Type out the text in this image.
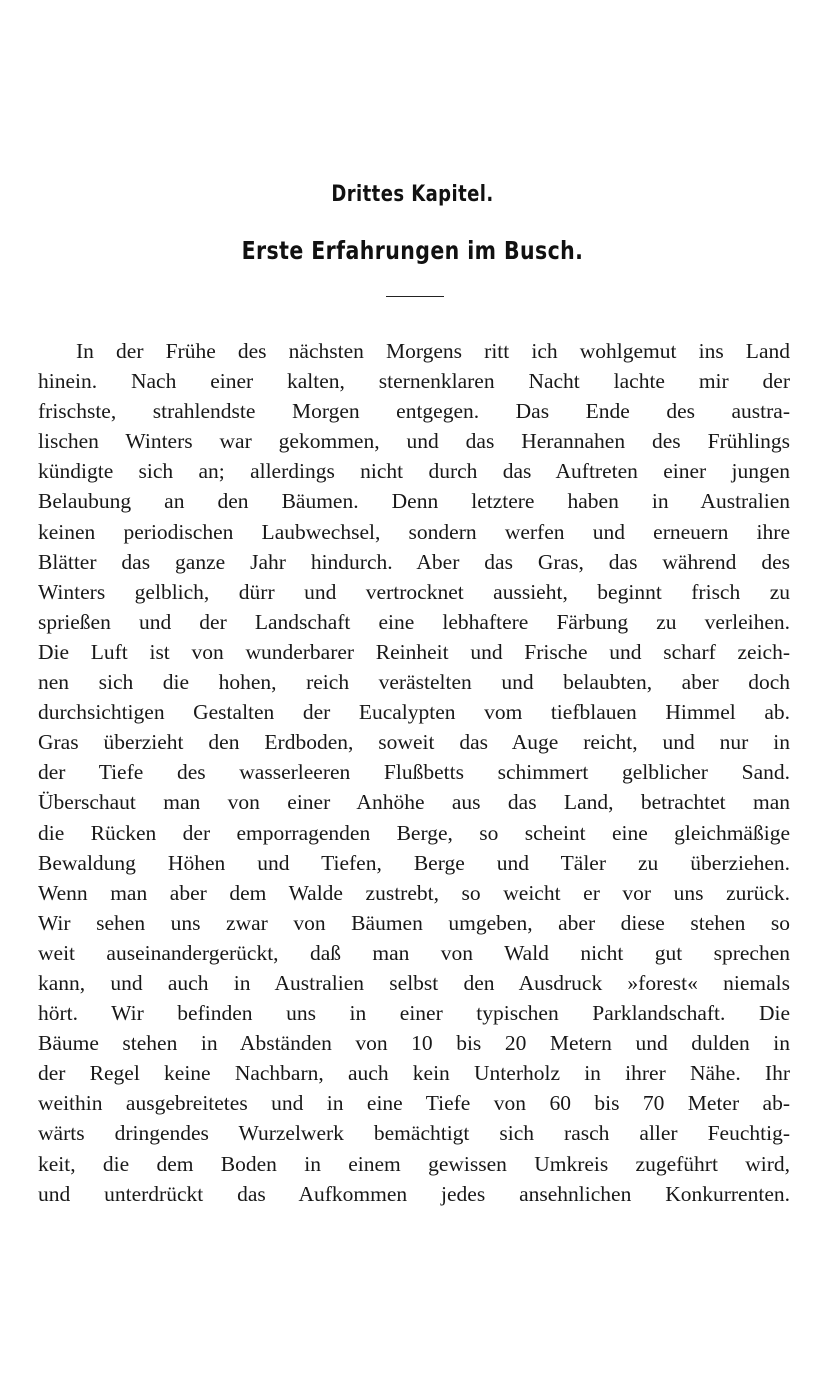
Drittes Kapitel.
Erste Erfahrungen im Busch.
In der Frühe des nächsten Morgens ritt ich wohlgemut ins Land
hinein. Nach einer kalten, sternenklaren Nacht lachte mir der
frischste, strahlendste Morgen entgegen. Das Ende des austra-
lischen Winters war gekommen, und das Herannahen des Frühlings
kündigte sich an; allerdings nicht durch das Auftreten einer jungen
Belaubung an den Bäumen. Denn letztere haben in Australien
keinen periodischen Laubwechsel, sondern werfen und erneuern ihre
Blätter das ganze Jahr hindurch. Aber das Gras, das während des
Winters gelblich, dürr und vertrocknet aussieht, beginnt frisch zu
sprießen und der Landschaft eine lebhaftere Färbung zu verleihen.
Die Luft ist von wunderbarer Reinheit und Frische und scharf zeich-
nen sich die hohen, reich verästelten und belaubten, aber doch
durchsichtigen Gestalten der Eucalypten vom tiefblauen Himmel ab.
Gras überzieht den Erdboden, soweit das Auge reicht, und nur in
der Tiefe des wasserleeren Flußbetts schimmert gelblicher Sand.
Überschaut man von einer Anhöhe aus das Land, betrachtet man
die Rücken der emporragenden Berge, so scheint eine gleichmäßige
Bewaldung Höhen und Tiefen, Berge und Täler zu überziehen.
Wenn man aber dem Walde zustrebt, so weicht er vor uns zurück.
Wir sehen uns zwar von Bäumen umgeben, aber diese stehen so
weit auseinandergerückt, daß man von Wald nicht gut sprechen
kann, und auch in Australien selbst den Ausdruck »forest« niemals
hört. Wir befinden uns in einer typischen Parklandschaft. Die
Bäume stehen in Abständen von 10 bis 20 Metern und dulden in
der Regel keine Nachbarn, auch kein Unterholz in ihrer Nähe. Ihr
weithin ausgebreitetes und in eine Tiefe von 60 bis 70 Meter ab-
wärts dringendes Wurzelwerk bemächtigt sich rasch aller Feuchtig-
keit, die dem Boden in einem gewissen Umkreis zugeführt wird,
und unterdrückt das Aufkommen jedes ansehnlichen Konkurrenten.
